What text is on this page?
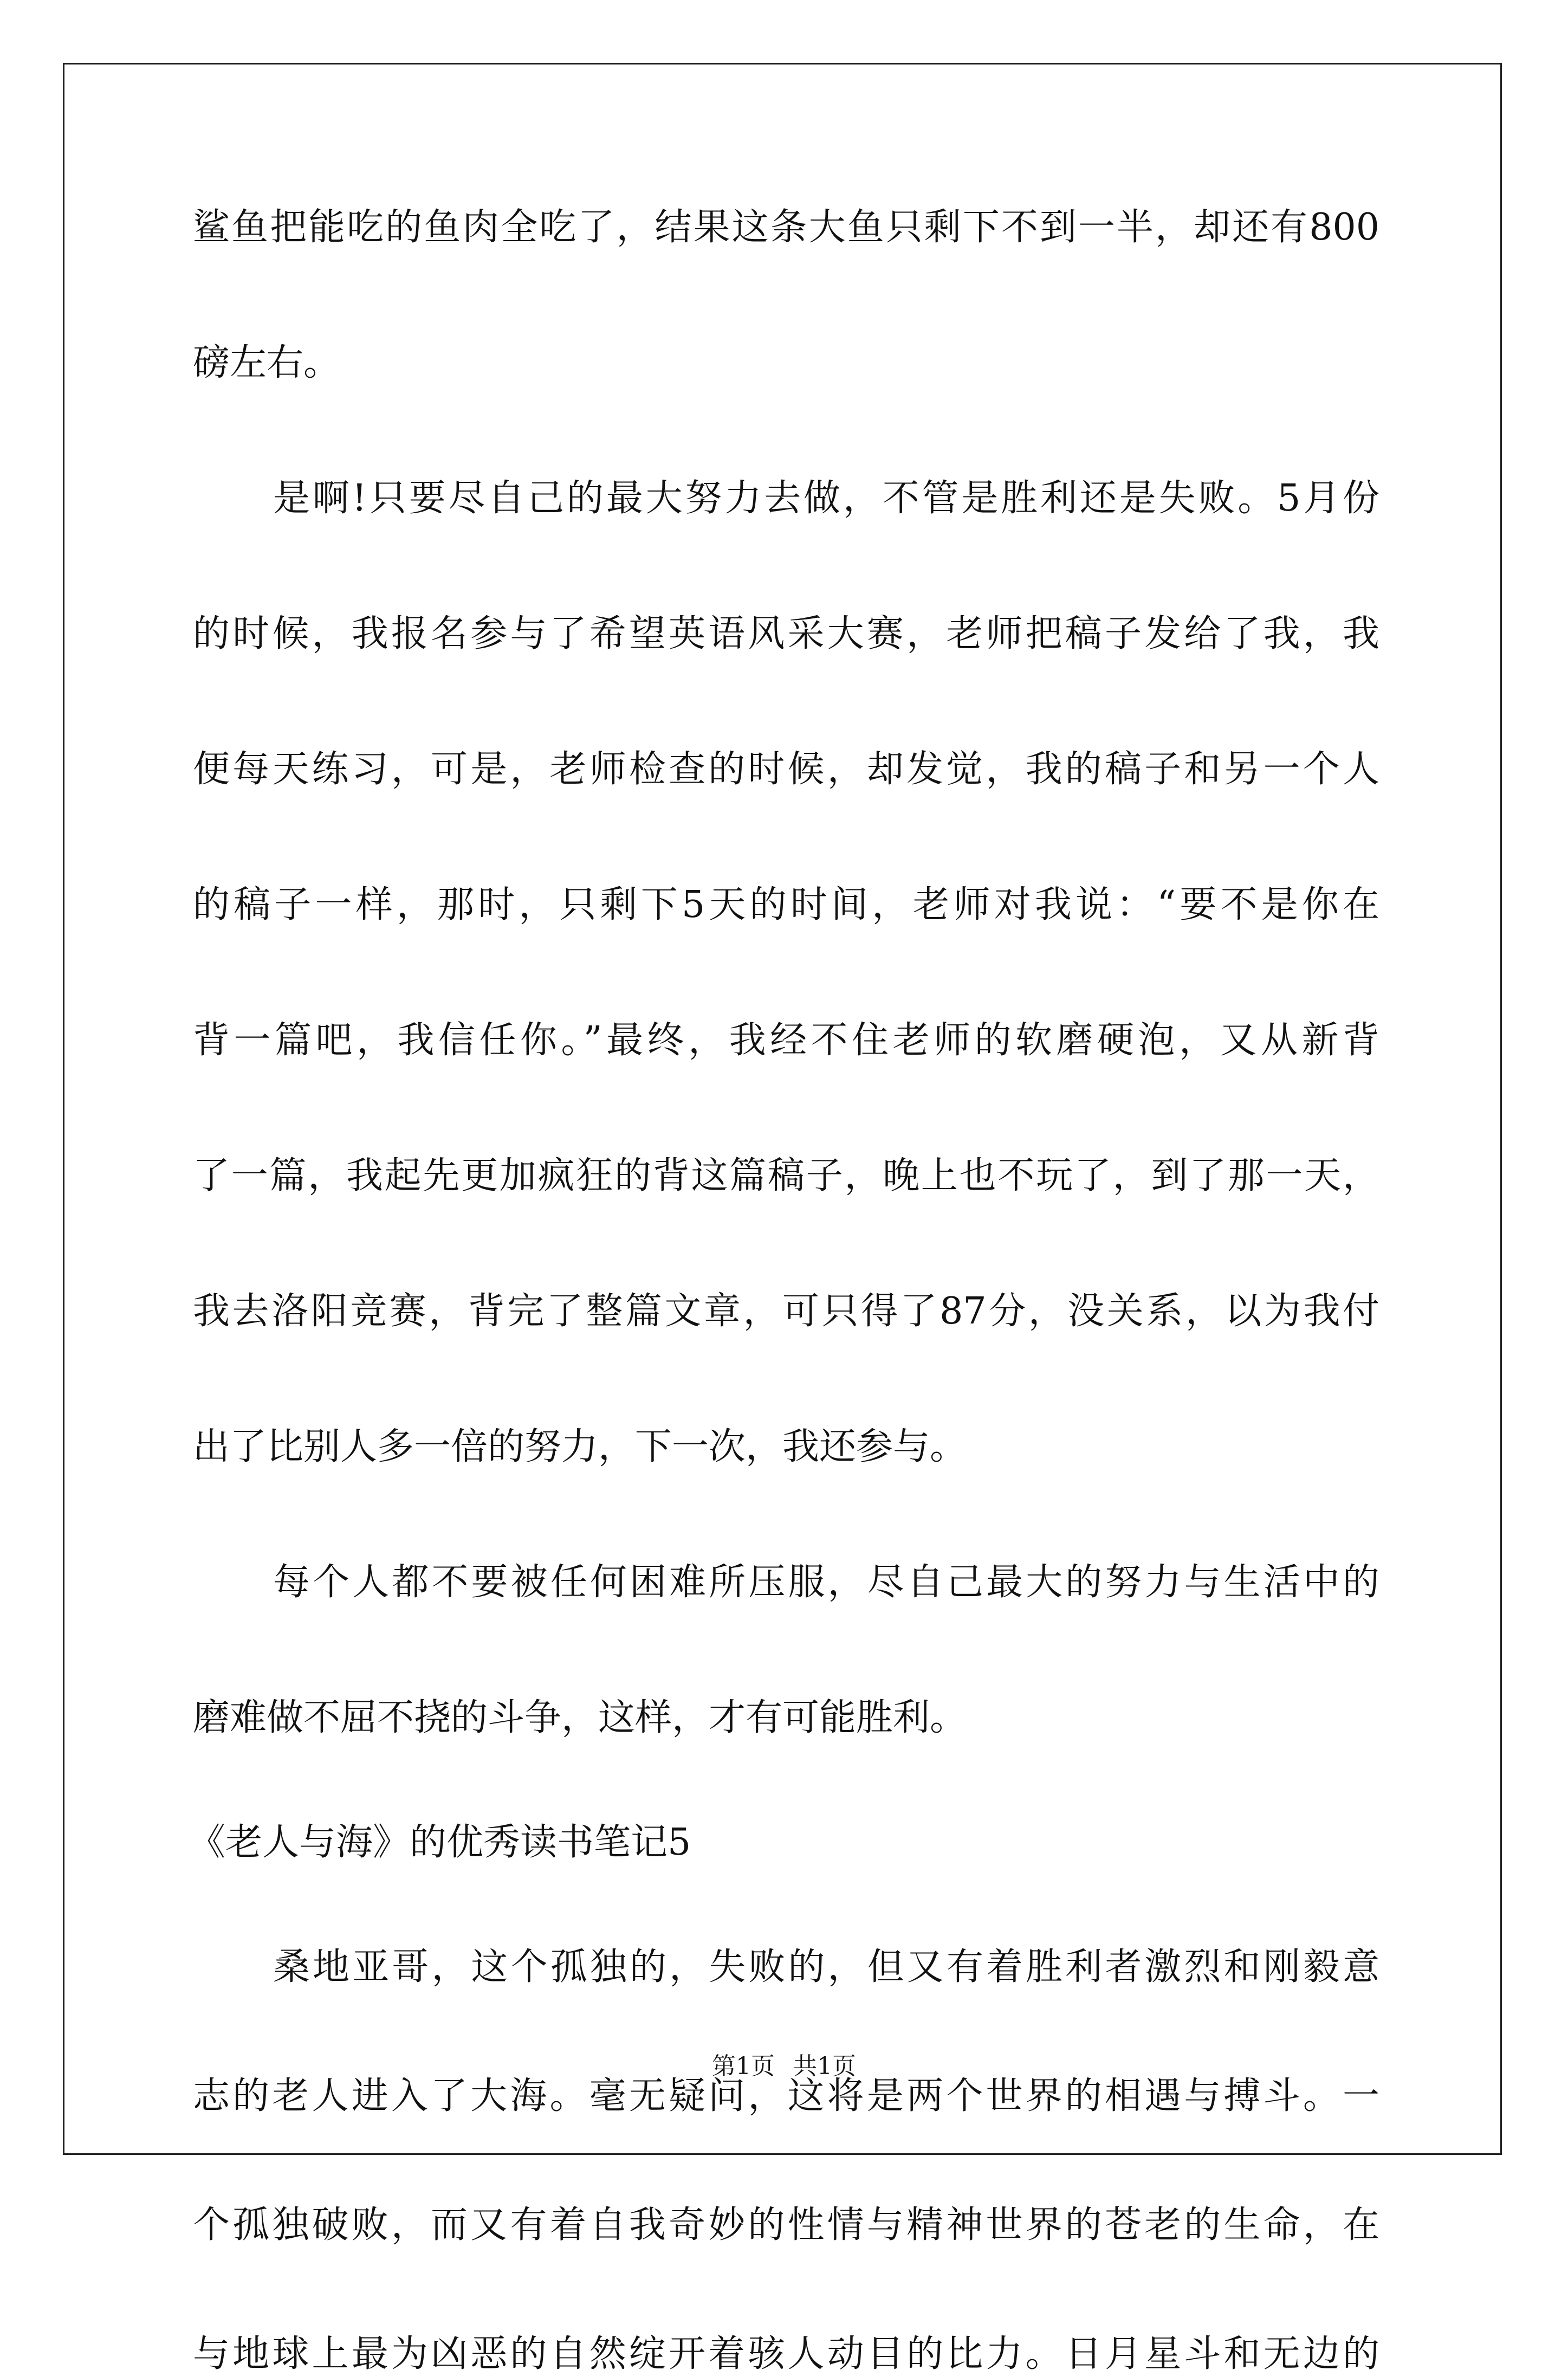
鲨鱼把能吃的鱼肉全吃了，结果这条大鱼只剩下不到一半，却还有800
磅左右。
是啊!只要尽自己的最大努力去做，不管是胜利还是失败。5月份
的时候，我报名参与了希望英语风采大赛，老师把稿子发给了我，我
便每天练习，可是，老师检查的时候，却发觉，我的稿子和另一个人
的稿子一样，那时，只剩下5天的时间，老师对我说：“要不是你在
背一篇吧，我信任你。”最终，我经不住老师的软磨硬泡，又从新背
了一篇，我起先更加疯狂的背这篇稿子，晚上也不玩了，到了那一天，
我去洛阳竞赛，背完了整篇文章，可只得了87分，没关系，以为我付
出了比别人多一倍的努力，下一次，我还参与。
每个人都不要被任何困难所压服，尽自己最大的努力与生活中的
磨难做不屈不挠的斗争，这样，才有可能胜利。
《老人与海》的优秀读书笔记5
桑地亚哥，这个孤独的，失败的，但又有着胜利者激烈和刚毅意
志的老人进入了大海。毫无疑问，这将是两个世界的相遇与搏斗。一
个孤独破败，而又有着自我奇妙的性情与精神世界的苍老的生命，在
与地球上最为凶恶的自然绽开着骇人动目的比力。日月星斗和无边的
第1页 共1页
